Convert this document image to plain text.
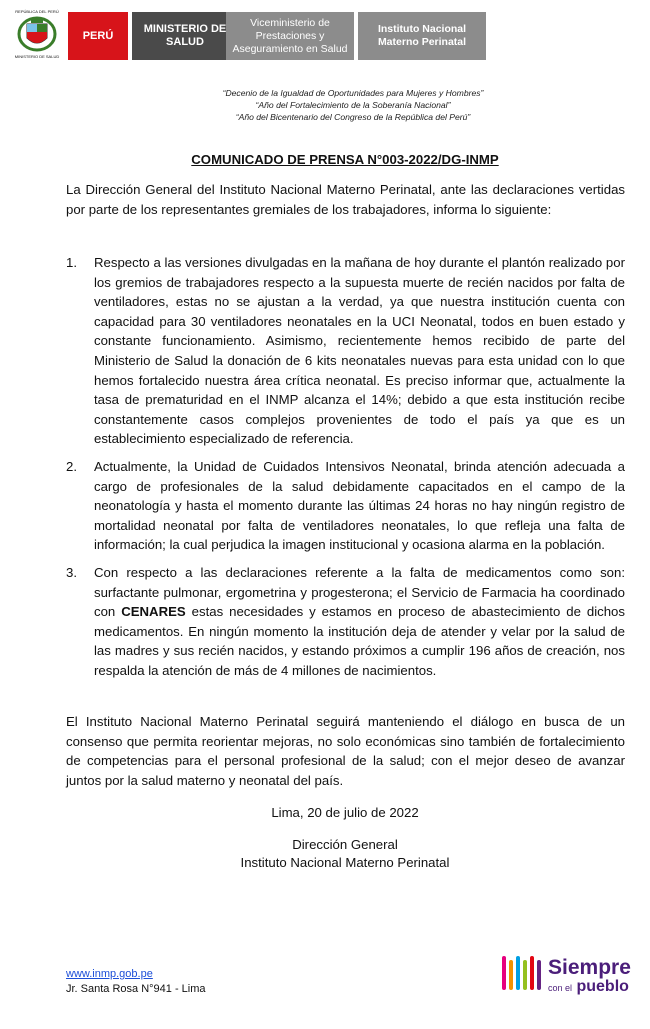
REPÚBLICA DEL PERÚ
MINISTERIO DE SALUD
PERÚ
MINISTERIO DE SALUD
Viceministerio de Prestaciones y Aseguramiento en Salud
Instituto Nacional Materno Perinatal
“Decenio de la Igualdad de Oportunidades para Mujeres y Hombres”
“Año del Fortalecimiento de la Soberanía Nacional”
“Año del Bicentenario del Congreso de la República del Perú”
COMUNICADO DE PRENSA N°003-2022/DG-INMP
La Dirección General del Instituto Nacional Materno Perinatal, ante las declaraciones vertidas por parte de los representantes gremiales de los trabajadores, informa lo siguiente:
1. Respecto a las versiones divulgadas en la mañana de hoy durante el plantón realizado por los gremios de trabajadores respecto a la supuesta muerte de recién nacidos por falta de ventiladores, estas no se ajustan a la verdad, ya que nuestra institución cuenta con capacidad para 30 ventiladores neonatales en la UCI Neonatal, todos en buen estado y constante funcionamiento. Asimismo, recientemente hemos recibido de parte del Ministerio de Salud la donación de 6 kits neonatales nuevas para esta unidad con lo que hemos fortalecido nuestra área crítica neonatal. Es preciso informar que, actualmente la tasa de prematuridad en el INMP alcanza el 14%; debido a que esta institución recibe constantemente casos complejos provenientes de todo el país ya que es un establecimiento especializado de referencia.
2. Actualmente, la Unidad de Cuidados Intensivos Neonatal, brinda atención adecuada a cargo de profesionales de la salud debidamente capacitados en el campo de la neonatología y hasta el momento durante las últimas 24 horas no hay ningún registro de mortalidad neonatal por falta de ventiladores neonatales, lo que refleja una falta de información; la cual perjudica la imagen institucional y ocasiona alarma en la población.
3. Con respecto a las declaraciones referente a la falta de medicamentos como son: surfactante pulmonar, ergometrina y progesterona; el Servicio de Farmacia ha coordinado con CENARES estas necesidades y estamos en proceso de abastecimiento de dichos medicamentos. En ningún momento la institución deja de atender y velar por la salud de las madres y sus recién nacidos, y estando próximos a cumplir 196 años de creación, nos respalda la atención de más de 4 millones de nacimientos.
El Instituto Nacional Materno Perinatal seguirá manteniendo el diálogo en busca de un consenso que permita reorientar mejoras, no solo económicas sino también de fortalecimiento de competencias para el personal profesional de la salud; con el mejor deseo de avanzar juntos por la salud materno y neonatal del país.
Lima, 20 de julio de 2022
Dirección General
Instituto Nacional Materno Perinatal
www.inmp.gob.pe
Jr. Santa Rosa N°941 - Lima
Siempre
con el pueblo
